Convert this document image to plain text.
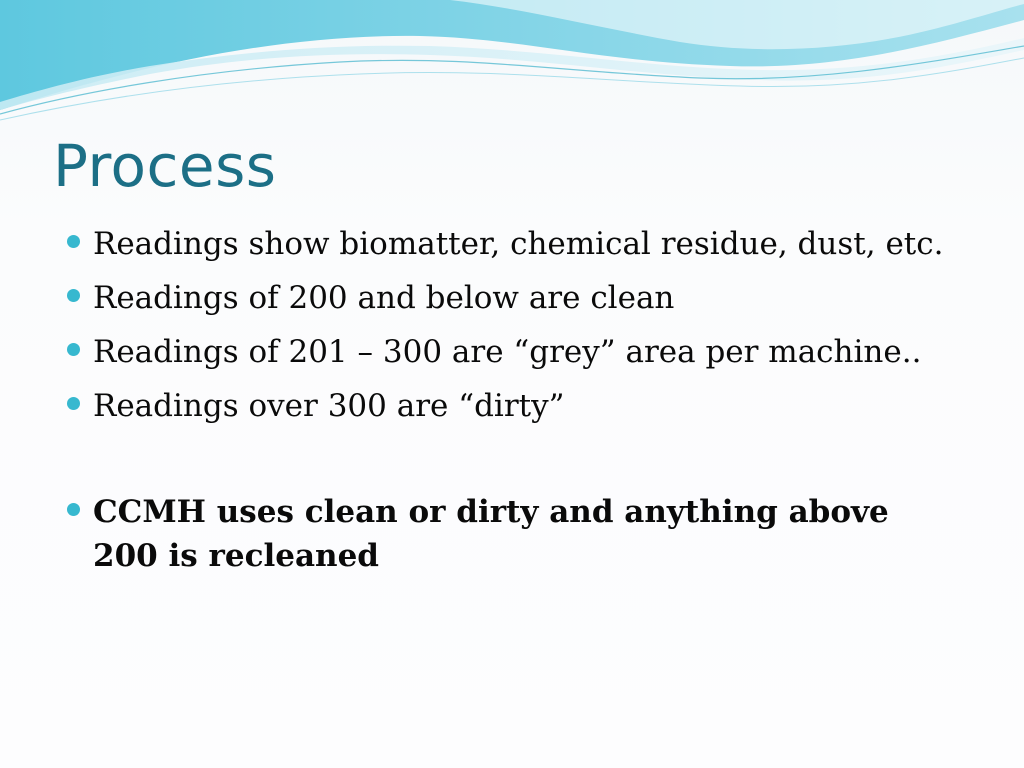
Process
Readings show biomatter, chemical residue, dust, etc.
Readings of 200 and below are clean
Readings of 201 – 300 are “grey” area per machine..
Readings over 300 are “dirty”
CCMH uses clean or dirty and anything above 200 is recleaned
